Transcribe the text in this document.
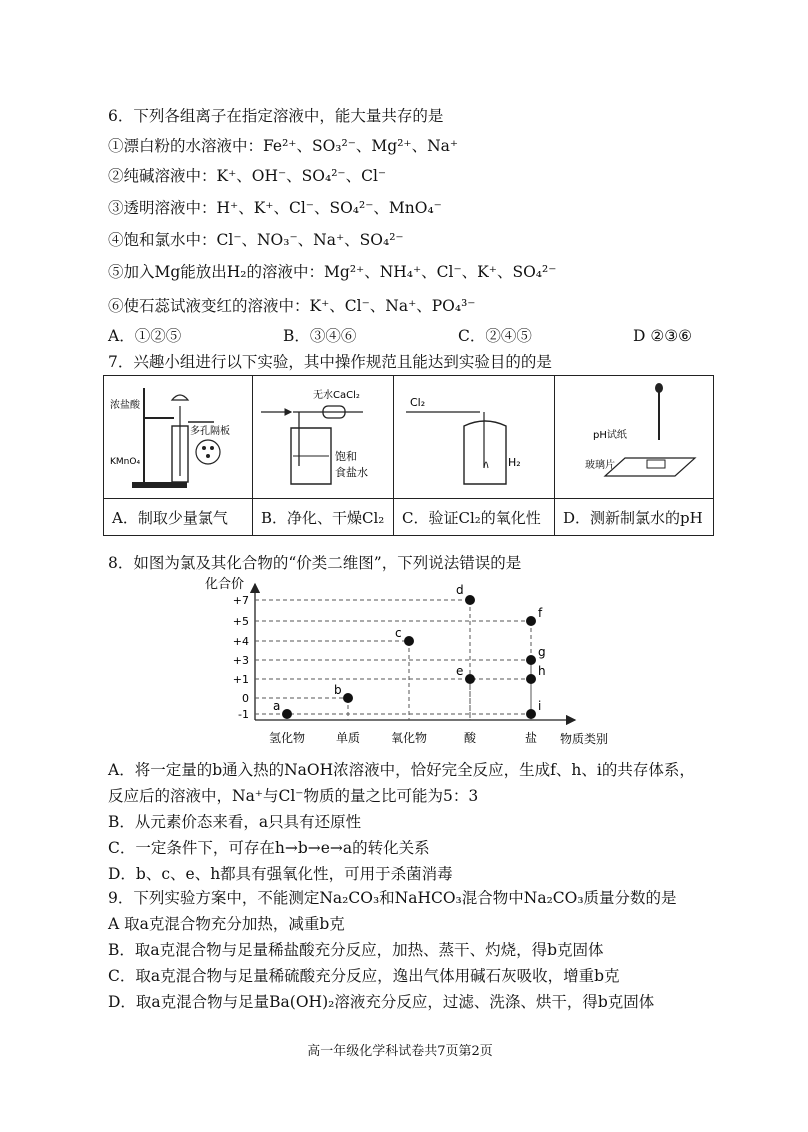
6．下列各组离子在指定溶液中，能大量共存的是
①漂白粉的水溶液中：Fe²⁺、SO₃²⁻、Mg²⁺、Na⁺
②纯碱溶液中：K⁺、OH⁻、SO₄²⁻、Cl⁻
③透明溶液中：H⁺、K⁺、Cl⁻、SO₄²⁻、MnO₄⁻
④饱和氯水中：Cl⁻、NO₃⁻、Na⁺、SO₄²⁻
⑤加入Mg能放出H₂的溶液中：Mg²⁺、NH₄⁺、Cl⁻、K⁺、SO₄²⁻
⑥使石蕊试液变红的溶液中：K⁺、Cl⁻、Na⁺、PO₄³⁻
A．①②⑤	B．③④⑥	C．②④⑤	D ②③⑥
7．兴趣小组进行以下实验，其中操作规范且能达到实验目的的是
浓盐酸
多孔隔板
KMnO₄	无水CaCl₂
饱和
食盐水	Cl₂
H₂	pH试纸
玻璃片

A．制取少量氯气	B．净化、干燥Cl₂	C．验证Cl₂的氧化性	D．测新制氯水的pH
8．如图为氯及其化合物的“价类二维图”，下列说法错误的是
+7
+5
+4
+3
+1
0
-1
氢化物	单质	氧化物	酸	盐
a
b
c
d
e
f
g
h
i
化合价
物质类别
A．将一定量的b通入热的NaOH浓溶液中，恰好完全反应，生成f、h、i的共存体系，
反应后的溶液中，Na⁺与Cl⁻物质的量之比可能为5：3
B．从元素价态来看，a只具有还原性
C．一定条件下，可存在h→b→e→a的转化关系
D．b、c、e、h都具有强氧化性，可用于杀菌消毒
9．下列实验方案中，不能测定Na₂CO₃和NaHCO₃混合物中Na₂CO₃质量分数的是
A 取a克混合物充分加热，减重b克
B．取a克混合物与足量稀盐酸充分反应，加热、蒸干、灼烧，得b克固体
C．取a克混合物与足量稀硫酸充分反应，逸出气体用碱石灰吸收，增重b克
D．取a克混合物与足量Ba(OH)₂溶液充分反应，过滤、洗涤、烘干，得b克固体
高一年级化学科试卷共7页第2页
